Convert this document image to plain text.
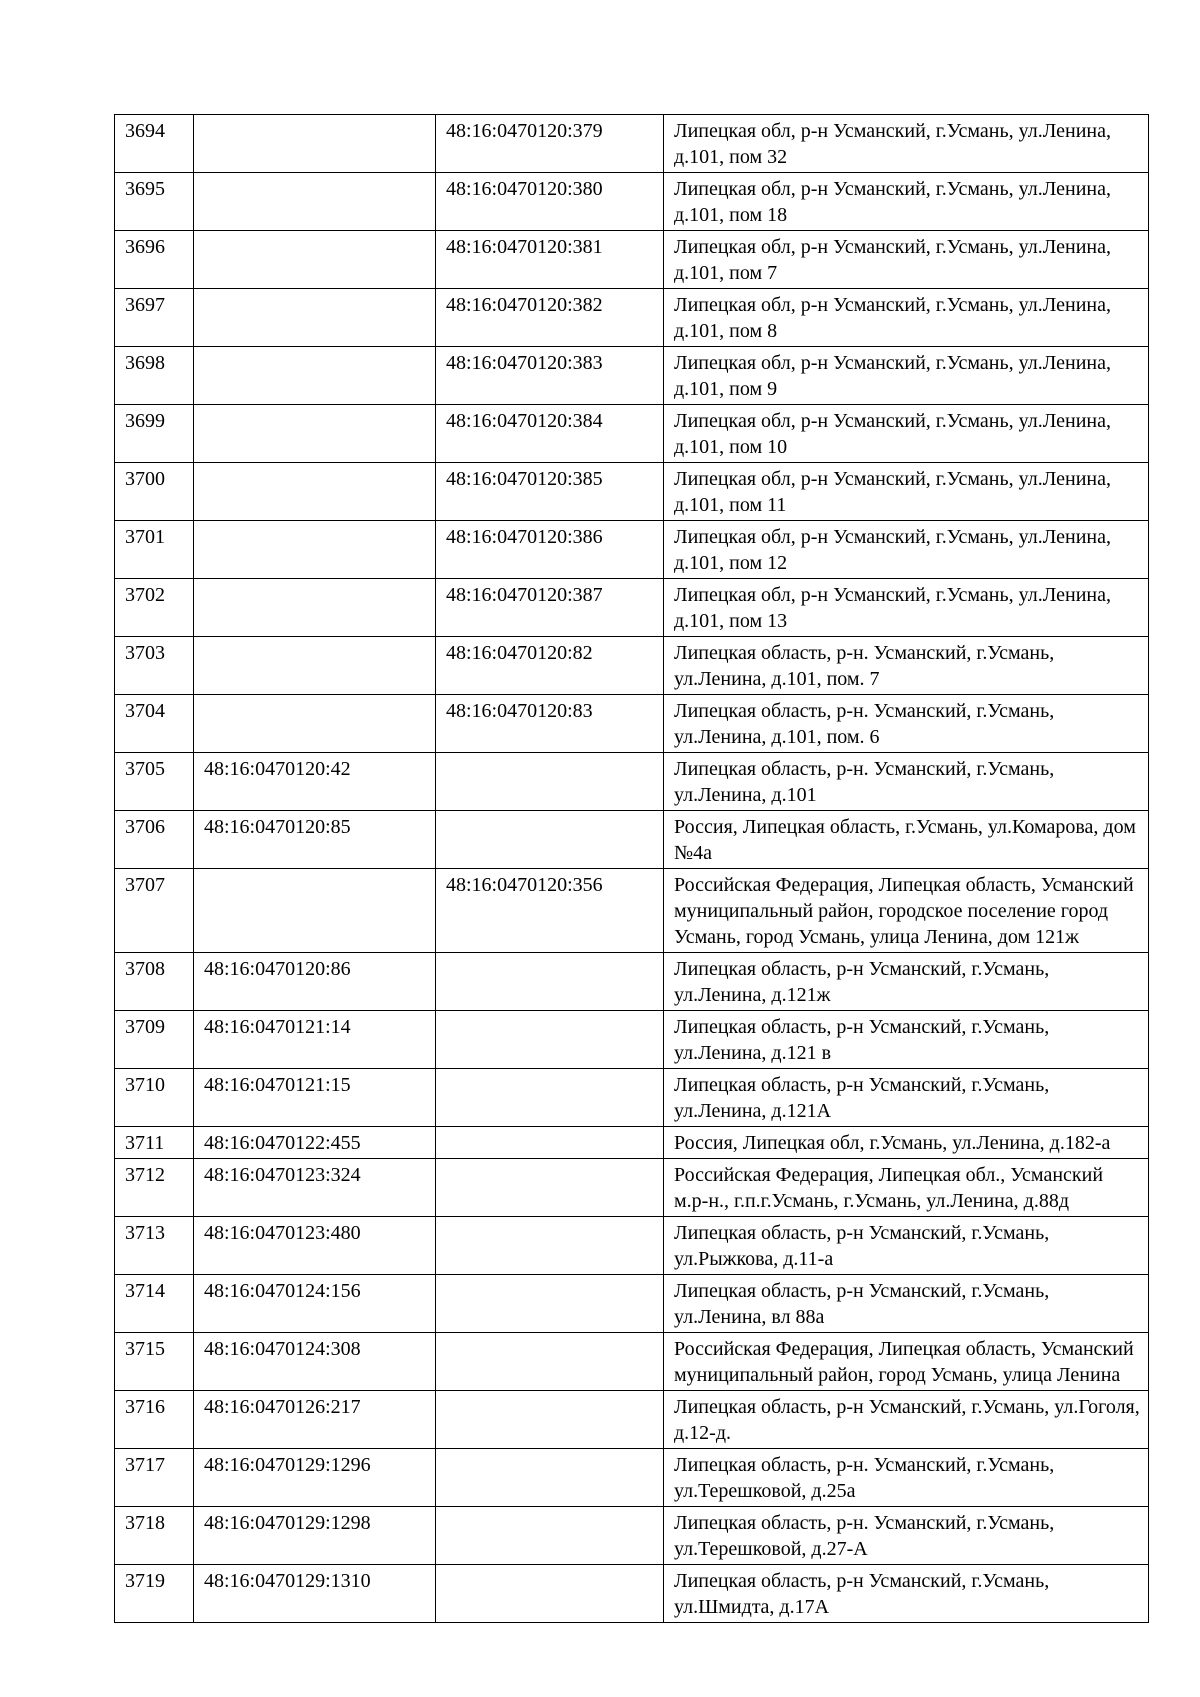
3694		48:16:0470120:379	Липецкая обл, р-н Усманский, г.Усмань, ул.Ленина, д.101, пом 32
3695		48:16:0470120:380	Липецкая обл, р-н Усманский, г.Усмань, ул.Ленина, д.101, пом 18
3696		48:16:0470120:381	Липецкая обл, р-н Усманский, г.Усмань, ул.Ленина, д.101, пом 7
3697		48:16:0470120:382	Липецкая обл, р-н Усманский, г.Усмань, ул.Ленина, д.101, пом 8
3698		48:16:0470120:383	Липецкая обл, р-н Усманский, г.Усмань, ул.Ленина, д.101, пом 9
3699		48:16:0470120:384	Липецкая обл, р-н Усманский, г.Усмань, ул.Ленина, д.101, пом 10
3700		48:16:0470120:385	Липецкая обл, р-н Усманский, г.Усмань, ул.Ленина, д.101, пом 11
3701		48:16:0470120:386	Липецкая обл, р-н Усманский, г.Усмань, ул.Ленина, д.101, пом 12
3702		48:16:0470120:387	Липецкая обл, р-н Усманский, г.Усмань, ул.Ленина, д.101, пом 13
3703		48:16:0470120:82	Липецкая область, р-н. Усманский, г.Усмань, ул.Ленина, д.101, пом. 7
3704		48:16:0470120:83	Липецкая область, р-н. Усманский, г.Усмань, ул.Ленина, д.101, пом. 6
3705	48:16:0470120:42		Липецкая область, р-н. Усманский, г.Усмань, ул.Ленина, д.101
3706	48:16:0470120:85		Россия, Липецкая область, г.Усмань, ул.Комарова, дом №4а
3707		48:16:0470120:356	Российская Федерация, Липецкая область, Усманский муниципальный район, городское поселение город Усмань, город Усмань, улица Ленина, дом 121ж
3708	48:16:0470120:86		Липецкая область, р-н Усманский, г.Усмань, ул.Ленина, д.121ж
3709	48:16:0470121:14		Липецкая область, р-н Усманский, г.Усмань, ул.Ленина, д.121 в
3710	48:16:0470121:15		Липецкая область, р-н Усманский, г.Усмань, ул.Ленина, д.121А
3711	48:16:0470122:455		Россия, Липецкая обл, г.Усмань, ул.Ленина, д.182-а
3712	48:16:0470123:324		Российская Федерация, Липецкая обл., Усманский м.р-н., г.п.г.Усмань, г.Усмань, ул.Ленина, д.88д
3713	48:16:0470123:480		Липецкая область, р-н Усманский, г.Усмань, ул.Рыжкова, д.11-а
3714	48:16:0470124:156		Липецкая область, р-н Усманский, г.Усмань, ул.Ленина, вл 88а
3715	48:16:0470124:308		Российская Федерация, Липецкая область, Усманский муниципальный район, город Усмань, улица Ленина
3716	48:16:0470126:217		Липецкая область, р-н Усманский, г.Усмань, ул.Гоголя, д.12-д.
3717	48:16:0470129:1296		Липецкая область, р-н. Усманский, г.Усмань, ул.Терешковой, д.25а
3718	48:16:0470129:1298		Липецкая область, р-н. Усманский, г.Усмань, ул.Терешковой, д.27-А
3719	48:16:0470129:1310		Липецкая область, р-н Усманский, г.Усмань, ул.Шмидтa, д.17А
